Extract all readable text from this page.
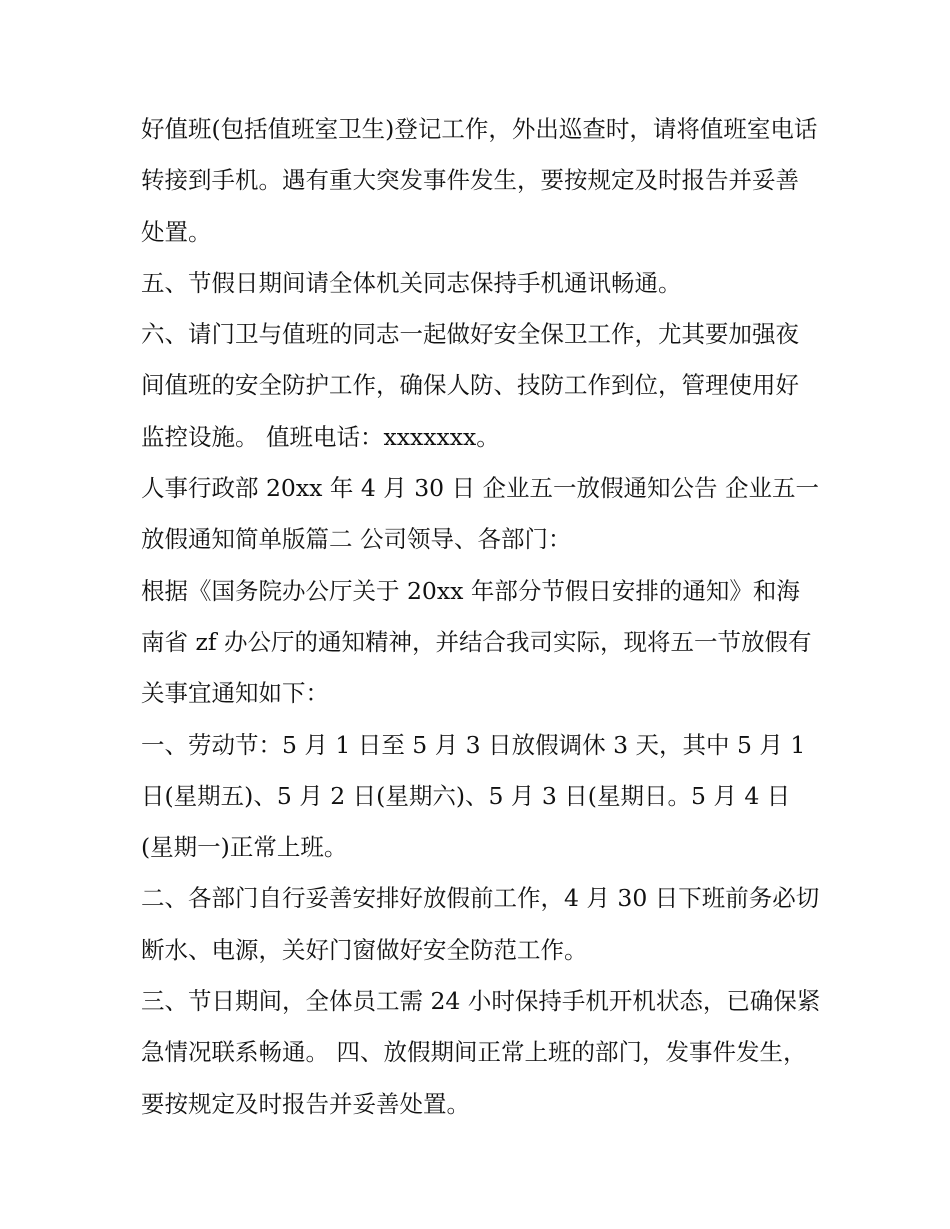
好值班(包括值班室卫生)登记工作，外出巡查时，请将值班室电话转接到手机。遇有重大突发事件发生，要按规定及时报告并妥善处置。

五、节假日期间请全体机关同志保持手机通讯畅通。

六、请门卫与值班的同志一起做好安全保卫工作，尤其要加强夜间值班的安全防护工作，确保人防、技防工作到位，管理使用好监控设施。 值班电话：xxxxxxx。

人事行政部 20xx 年 4 月 30 日 企业五一放假通知公告 企业五一放假通知简单版篇二 公司领导、各部门：

根据《国务院办公厅关于 20xx 年部分节假日安排的通知》和海南省 zf 办公厅的通知精神，并结合我司实际，现将五一节放假有关事宜通知如下：

一、劳动节：5 月 1 日至 5 月 3 日放假调休 3 天，其中 5 月 1 日(星期五)、5 月 2 日(星期六)、5 月 3 日(星期日。5 月 4 日(星期一)正常上班。

二、各部门自行妥善安排好放假前工作，4 月 30 日下班前务必切断水、电源，关好门窗做好安全防范工作。

三、节日期间，全体员工需 24 小时保持手机开机状态，已确保紧急情况联系畅通。 四、放假期间正常上班的部门，发事件发生，要按规定及时报告并妥善处置。
